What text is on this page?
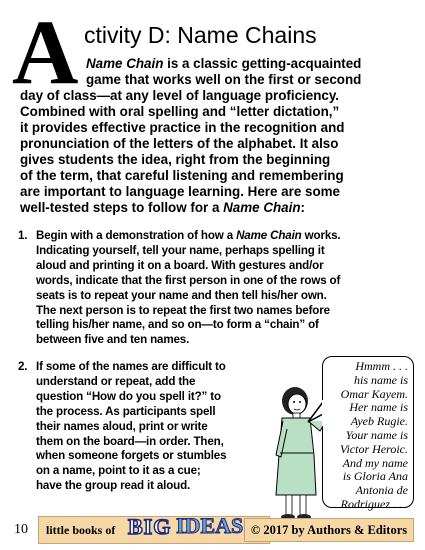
A ctivity D: Name Chains
Name Chain is a classic getting-acquainted
game that works well on the first or second
day of class—at any level of language proficiency.
Combined with oral spelling and “letter dictation,”
it provides effective practice in the recognition and
pronunciation of the letters of the alphabet. It also
gives students the idea, right from the beginning
of the term, that careful listening and remembering
are important to language learning. Here are some
well-tested steps to follow for a Name Chain:
1. Begin with a demonstration of how a Name Chain works.
Indicating yourself, tell your name, perhaps spelling it
aloud and printing it on a board. With gestures and/or
words, indicate that the first person in one of the rows of
seats is to repeat your name and then tell his/her own.
The next person is to repeat the first two names before
telling his/her name, and so on—to form a “chain” of
between five and ten names.
2. If some of the names are difficult to
understand or repeat, add the
question “How do you spell it?” to
the process. As participants spell
their names aloud, print or write
them on the board—in order. Then,
when someone forgets or stumbles
on a name, point to it as a cue;
have the group read it aloud.
Hmmm . . .
his name is
Omar Kayem.
Her name is
Ayeb Rugie.
Your name is
Victor Heroic.
And my name
is Gloria Ana
Antonia de
Rodriguez . . .
10 little books of BIG IDEAS © 2017 by Authors & Editors
